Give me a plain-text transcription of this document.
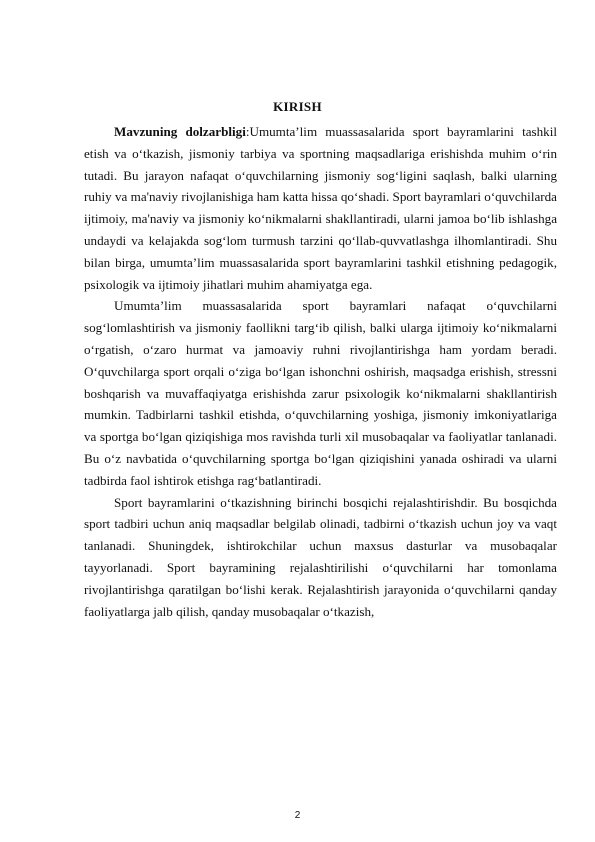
KIRISH

Mavzuning dolzarbligi:Umumta’lim muassasalarida sport bayramlarini tashkil etish va o‘tkazish, jismoniy tarbiya va sportning maqsadlariga erishishda muhim o‘rin tutadi. Bu jarayon nafaqat o‘quvchilarning jismoniy sog‘ligini saqlash, balki ularning ruhiy va ma'naviy rivojlanishiga ham katta hissa qo‘shadi. Sport bayramlari o‘quvchilarda ijtimoiy, ma'naviy va jismoniy ko‘nikmalarni shakllantiradi, ularni jamoa bo‘lib ishlashga undaydi va kelajakda sog‘lom turmush tarzini qo‘llab-quvvatlashga ilhomlantiradi. Shu bilan birga, umumta’lim muassasalarida sport bayramlarini tashkil etishning pedagogik, psixologik va ijtimoiy jihatlari muhim ahamiyatga ega.

Umumta’lim muassasalarida sport bayramlari nafaqat o‘quvchilarni sog‘lomlashtirish va jismoniy faollikni targ‘ib qilish, balki ularga ijtimoiy ko‘nikmalarni o‘rgatish, o‘zaro hurmat va jamoaviy ruhni rivojlantirishga ham yordam beradi. O‘quvchilarga sport orqali o‘ziga bo‘lgan ishonchni oshirish, maqsadga erishish, stressni boshqarish va muvaffaqiyatga erishishda zarur psixologik ko‘nikmalarni shakllantirish mumkin. Tadbirlarni tashkil etishda, o‘quvchilarning yoshiga, jismoniy imkoniyatlariga va sportga bo‘lgan qiziqishiga mos ravishda turli xil musobaqalar va faoliyatlar tanlanadi. Bu o‘z navbatida o‘quvchilarning sportga bo‘lgan qiziqishini yanada oshiradi va ularni tadbirda faol ishtirok etishga rag‘batlantiradi.

Sport bayramlarini o‘tkazishning birinchi bosqichi rejalashtirishdir. Bu bosqichda sport tadbiri uchun aniq maqsadlar belgilab olinadi, tadbirni o‘tkazish uchun joy va vaqt tanlanadi. Shuningdek, ishtirokchilar uchun maxsus dasturlar va musobaqalar tayyorlanadi. Sport bayramining rejalashtirilishi o‘quvchilarni har tomonlama rivojlantirishga qaratilgan bo‘lishi kerak. Rejalashtirish jarayonida o‘quvchilarni qanday faoliyatlarga jalb qilish, qanday musobaqalar o‘tkazish,

2
